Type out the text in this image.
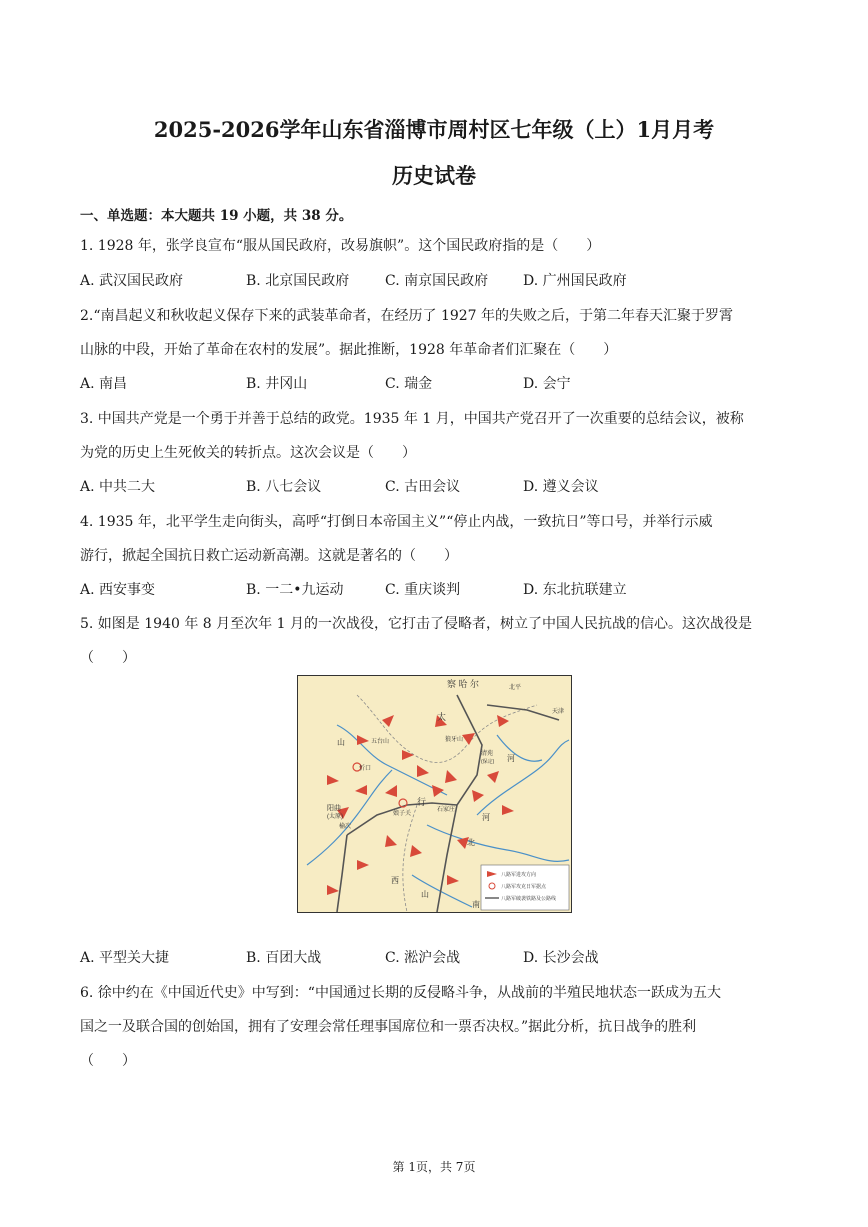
2025-2026学年山东省淄博市周村区七年级（上）1月月考
历史试卷
一、单选题：本大题共 19 小题，共 38 分。
1. 1928 年，张学良宣布“服从国民政府，改易旗帜”。这个国民政府指的是（　　）
A. 武汉国民政府	B. 北京国民政府	C. 南京国民政府 D. 广州国民政府
2.“南昌起义和秋收起义保存下来的武装革命者，在经历了 1927 年的失败之后，于第二年春天汇聚于罗霄
山脉的中段，开始了革命在农村的发展”。据此推断，1928 年革命者们汇聚在（　　）
A. 南昌	B. 井冈山	C. 瑞金	D. 会宁
3. 中国共产党是一个勇于并善于总结的政党。1935 年 1 月，中国共产党召开了一次重要的总结会议，被称
为党的历史上生死攸关的转折点。这次会议是（　　）
A. 中共二大	B. 八七会议	C. 古田会议	D. 遵义会议
4. 1935 年，北平学生走向街头，高呼“打倒日本帝国主义”“停止内战，一致抗日”等口号，并举行示威
游行，掀起全国抗日救亡运动新高潮。这就是著名的（　　）
A. 西安事变	B. 一二•九运动	C. 重庆谈判	D. 东北抗联建立
5. 如图是 1940 年 8 月至次年 1 月的一次战役，它打击了侵略者，树立了中国人民抗战的信心。这次战役是
（　　）
察 哈 尔	北平
天津
太
五台山	狼牙山
清苑
(保定)
山
西
忻口
河
行
阳曲
(太原)	娘子关
石家庄
榆次
河
北
山
南
八路军进攻方向
八路军攻克日军据点
八路军破袭铁路及公路线
A. 平型关大捷	B. 百团大战	C. 淞沪会战	D. 长沙会战
6. 徐中约在《中国近代史》中写到：“中国通过长期的反侵略斗争，从战前的半殖民地状态一跃成为五大
国之一及联合国的创始国，拥有了安理会常任理事国席位和一票否决权。”据此分析，抗日战争的胜利
（　　）
第 1页，共 7页
